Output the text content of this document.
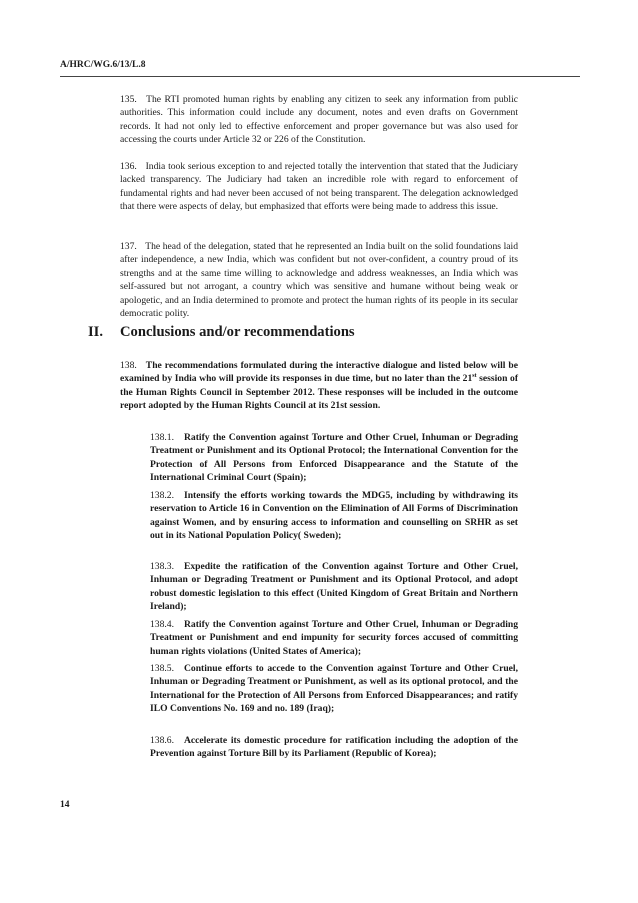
A/HRC/WG.6/13/L.8

135. The RTI promoted human rights by enabling any citizen to seek any information from public authorities. This information could include any document, notes and even drafts on Government records. It had not only led to effective enforcement and proper governance but was also used for accessing the courts under Article 32 or 226 of the Constitution.

136. India took serious exception to and rejected totally the intervention that stated that the Judiciary lacked transparency. The Judiciary had taken an incredible role with regard to enforcement of fundamental rights and had never been accused of not being transparent. The delegation acknowledged that there were aspects of delay, but emphasized that efforts were being made to address this issue.

137. The head of the delegation, stated that he represented an India built on the solid foundations laid after independence, a new India, which was confident but not over-confident, a country proud of its strengths and at the same time willing to acknowledge and address weaknesses, an India which was self-assured but not arrogant, a country which was sensitive and humane without being weak or apologetic, and an India determined to promote and protect the human rights of its people in its secular democratic polity.

II. Conclusions and/or recommendations

138. The recommendations formulated during the interactive dialogue and listed below will be examined by India who will provide its responses in due time, but no later than the 21st session of the Human Rights Council in September 2012. These responses will be included in the outcome report adopted by the Human Rights Council at its 21st session.

138.1. Ratify the Convention against Torture and Other Cruel, Inhuman or Degrading Treatment or Punishment and its Optional Protocol; the International Convention for the Protection of All Persons from Enforced Disappearance and the Statute of the International Criminal Court (Spain);

138.2. Intensify the efforts working towards the MDG5, including by withdrawing its reservation to Article 16 in Convention on the Elimination of All Forms of Discrimination against Women, and by ensuring access to information and counselling on SRHR as set out in its National Population Policy( Sweden);

138.3. Expedite the ratification of the Convention against Torture and Other Cruel, Inhuman or Degrading Treatment or Punishment and its Optional Protocol, and adopt robust domestic legislation to this effect (United Kingdom of Great Britain and Northern Ireland);

138.4. Ratify the Convention against Torture and Other Cruel, Inhuman or Degrading Treatment or Punishment and end impunity for security forces accused of committing human rights violations (United States of America);

138.5. Continue efforts to accede to the Convention against Torture and Other Cruel, Inhuman or Degrading Treatment or Punishment, as well as its optional protocol, and the International for the Protection of All Persons from Enforced Disappearances; and ratify ILO Conventions No. 169 and no. 189 (Iraq);

138.6. Accelerate its domestic procedure for ratification including the adoption of the Prevention against Torture Bill by its Parliament (Republic of Korea);

14
